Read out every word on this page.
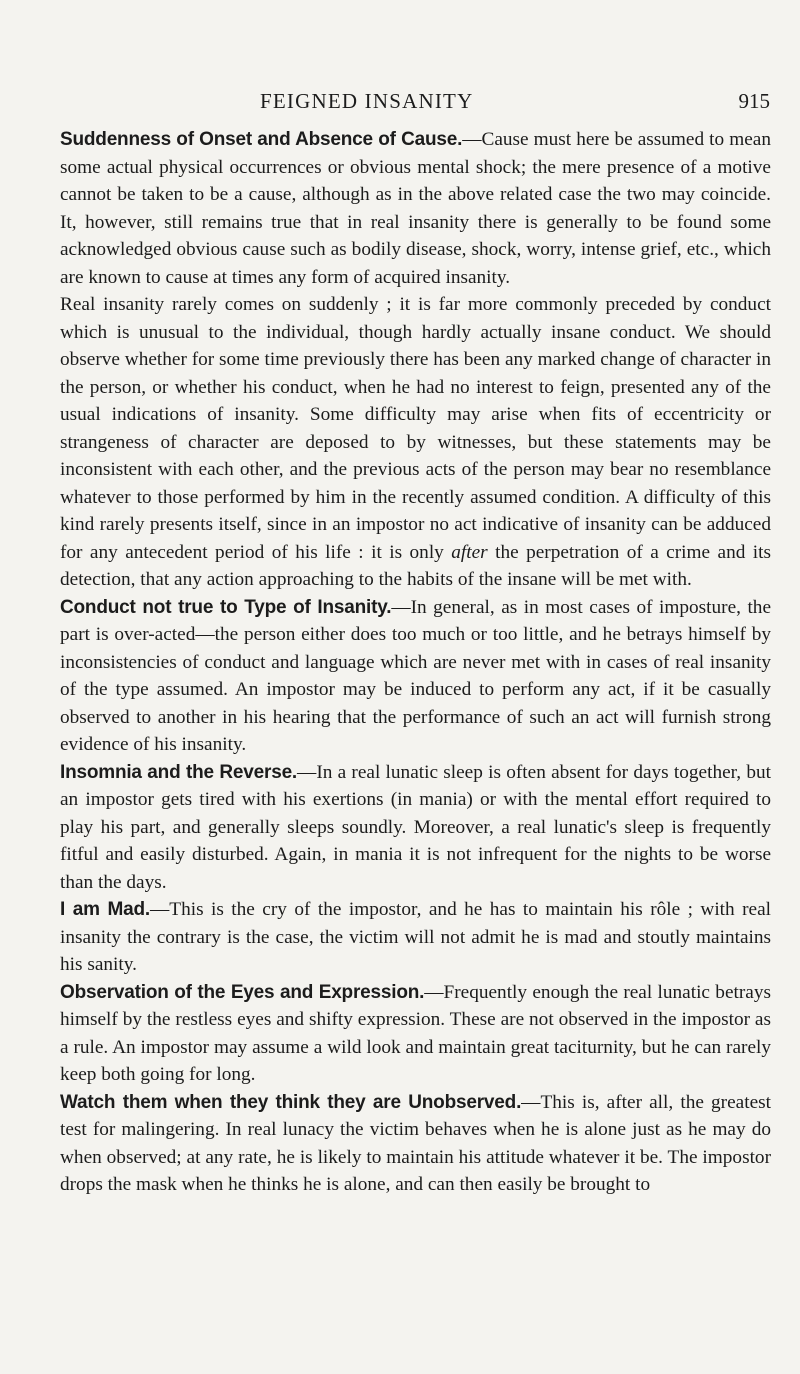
FEIGNED INSANITY	915

Suddenness of Onset and Absence of Cause.—Cause must here be assumed to mean some actual physical occurrences or obvious mental shock; the mere presence of a motive cannot be taken to be a cause, although as in the above related case the two may coincide. It, however, still remains true that in real insanity there is generally to be found some acknowledged obvious cause such as bodily disease, shock, worry, intense grief, etc., which are known to cause at times any form of acquired insanity.

Real insanity rarely comes on suddenly ; it is far more commonly preceded by conduct which is unusual to the individual, though hardly actually insane conduct. We should observe whether for some time previously there has been any marked change of character in the person, or whether his conduct, when he had no interest to feign, presented any of the usual indications of insanity. Some difficulty may arise when fits of eccentricity or strangeness of character are deposed to by witnesses, but these statements may be inconsistent with each other, and the previous acts of the person may bear no resemblance whatever to those performed by him in the recently assumed condition. A difficulty of this kind rarely presents itself, since in an impostor no act indicative of insanity can be adduced for any antecedent period of his life : it is only after the perpetration of a crime and its detection, that any action approaching to the habits of the insane will be met with.

Conduct not true to Type of Insanity.—In general, as in most cases of imposture, the part is over-acted—the person either does too much or too little, and he betrays himself by inconsistencies of conduct and language which are never met with in cases of real insanity of the type assumed. An impostor may be induced to perform any act, if it be casually observed to another in his hearing that the performance of such an act will furnish strong evidence of his insanity.

Insomnia and the Reverse.—In a real lunatic sleep is often absent for days together, but an impostor gets tired with his exertions (in mania) or with the mental effort required to play his part, and generally sleeps soundly. Moreover, a real lunatic's sleep is frequently fitful and easily disturbed. Again, in mania it is not infrequent for the nights to be worse than the days.

I am Mad.—This is the cry of the impostor, and he has to maintain his rôle ; with real insanity the contrary is the case, the victim will not admit he is mad and stoutly maintains his sanity.

Observation of the Eyes and Expression.—Frequently enough the real lunatic betrays himself by the restless eyes and shifty expression. These are not observed in the impostor as a rule. An impostor may assume a wild look and maintain great taciturnity, but he can rarely keep both going for long.

Watch them when they think they are Unobserved.—This is, after all, the greatest test for malingering. In real lunacy the victim behaves when he is alone just as he may do when observed; at any rate, he is likely to maintain his attitude whatever it be. The impostor drops the mask when he thinks he is alone, and can then easily be brought to
